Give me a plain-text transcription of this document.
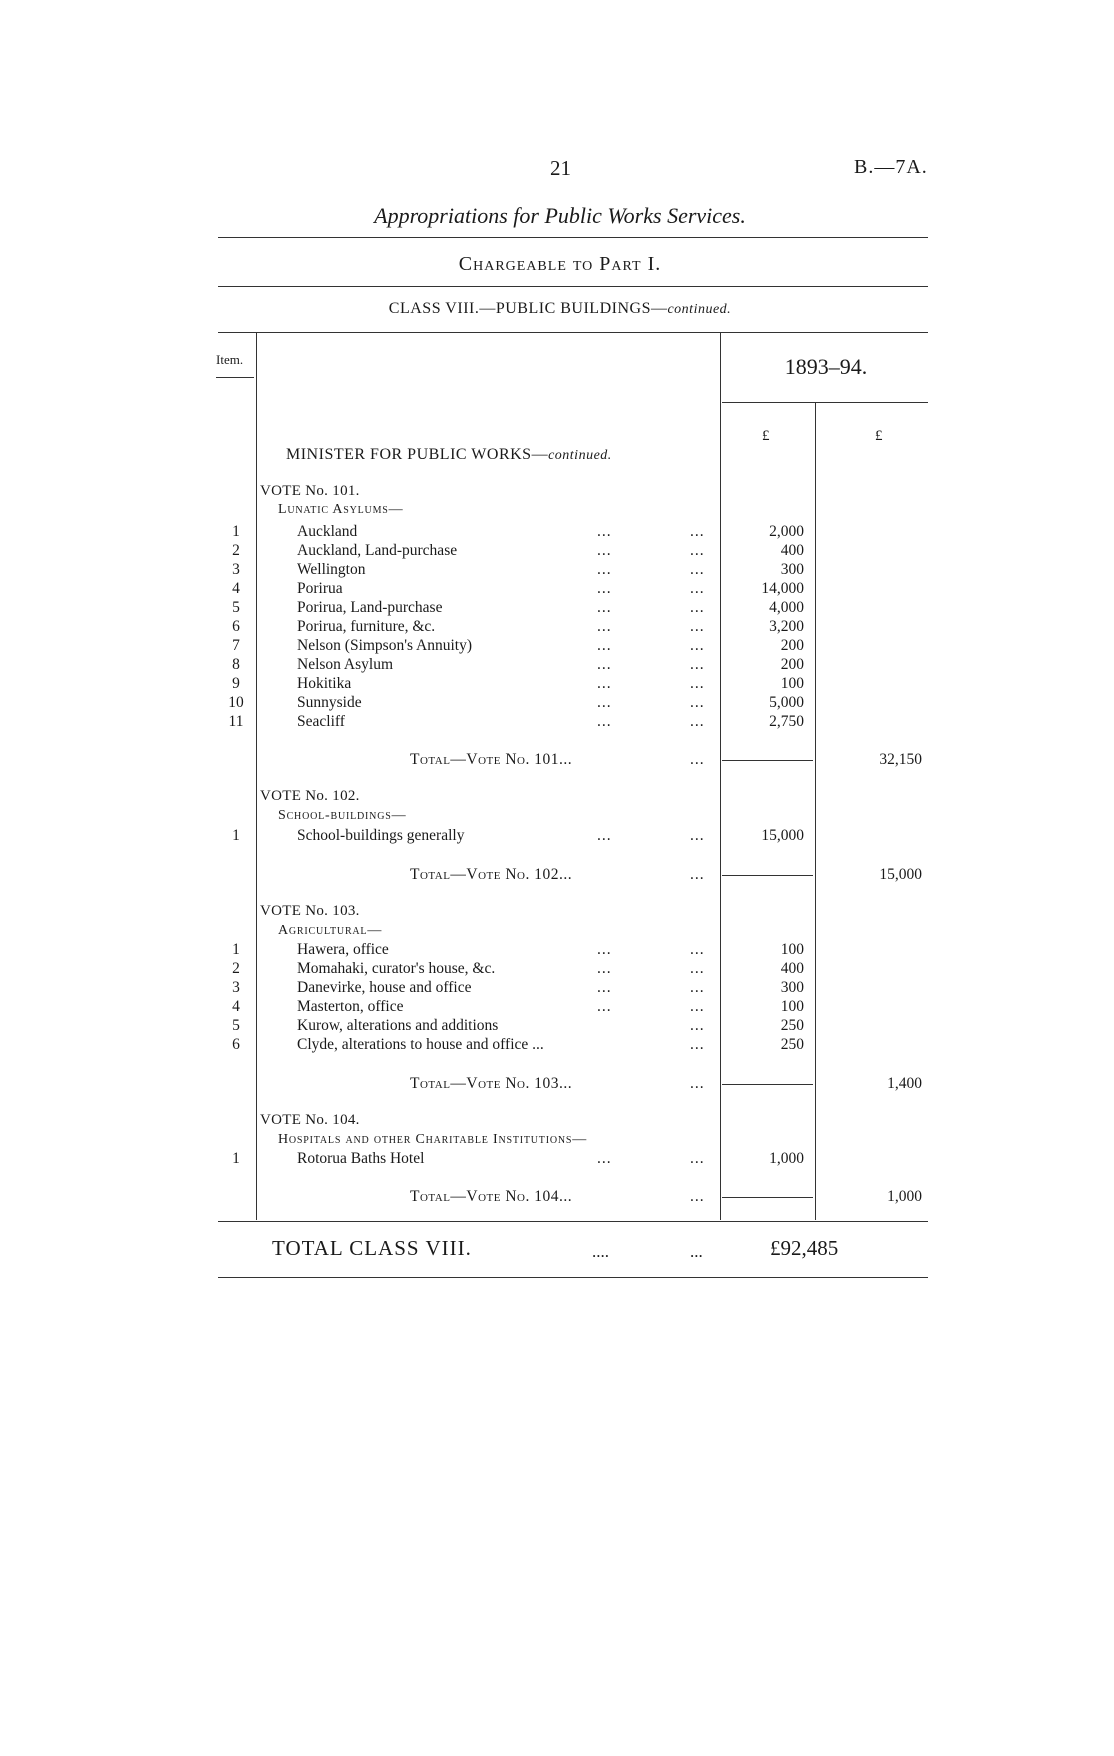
21	B.—7A.
Appropriations for Public Works Services.
Chargeable to Part I.
CLASS VIII.—PUBLIC BUILDINGS—continued.
Item.	1893–94.
£	£
MINISTER FOR PUBLIC WORKS—continued.
VOTE No. 101.
Lunatic Asylums—
1	Auckland	...	...	2,000
2	Auckland, Land-purchase	...	...	400
3	Wellington	...	...	300
4	Porirua	...	...	14,000
5	Porirua, Land-purchase	...	...	4,000
6	Porirua, furniture, &c.	...	...	3,200
7	Nelson (Simpson's Annuity)	...	...	200
8	Nelson Asylum	...	...	200
9	Hokitika	...	...	100
10	Sunnyside	...	...	5,000
11	Seacliff	...	...	2,750
Total—Vote No. 101...	...	32,150
VOTE No. 102.
School-buildings—
1	School-buildings generally	...	...	15,000
Total—Vote No. 102...	...	15,000
VOTE No. 103.
Agricultural—
1	Hawera, office	...	...	100
2	Momahaki, curator's house, &c.	...	...	400
3	Danevirke, house and office	...	...	300
4	Masterton, office	...	...	100
5	Kurow, alterations and additions	...	250
6	Clyde, alterations to house and office ...	...	250
Total—Vote No. 103...	...	1,400
VOTE No. 104.
Hospitals and other Charitable Institutions—
1	Rotorua Baths Hotel	...	...	1,000
Total—Vote No. 104...	...	1,000
TOTAL CLASS VIII.	....	...	£92,485
